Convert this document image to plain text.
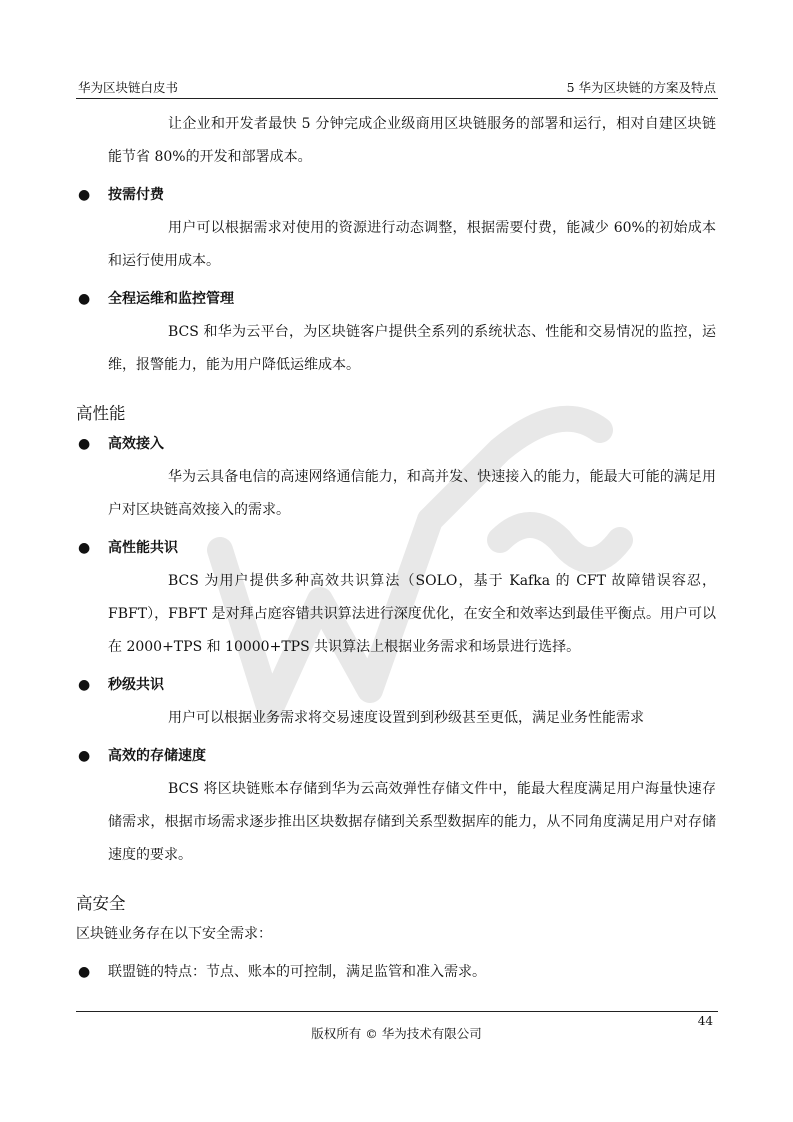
华为区块链白皮书	5 华为区块链的方案及特点

让企业和开发者最快 5 分钟完成企业级商用区块链服务的部署和运行，相对自建区块链能节省 80%的开发和部署成本。

● 按需付费

用户可以根据需求对使用的资源进行动态调整，根据需要付费，能减少 60%的初始成本和运行使用成本。

● 全程运维和监控管理

BCS 和华为云平台，为区块链客户提供全系列的系统状态、性能和交易情况的监控，运维，报警能力，能为用户降低运维成本。

高性能
● 高效接入

华为云具备电信的高速网络通信能力，和高并发、快速接入的能力，能最大可能的满足用户对区块链高效接入的需求。

● 高性能共识

BCS 为用户提供多种高效共识算法（SOLO，基于 Kafka 的 CFT 故障错误容忍，FBFT），FBFT 是对拜占庭容错共识算法进行深度优化，在安全和效率达到最佳平衡点。用户可以在 2000+TPS 和 10000+TPS 共识算法上根据业务需求和场景进行选择。

● 秒级共识

用户可以根据业务需求将交易速度设置到到秒级甚至更低，满足业务性能需求

● 高效的存储速度

BCS 将区块链账本存储到华为云高效弹性存储文件中，能最大程度满足用户海量快速存储需求，根据市场需求逐步推出区块数据存储到关系型数据库的能力，从不同角度满足用户对存储速度的要求。

高安全

区块链业务存在以下安全需求：

● 联盟链的特点：节点、账本的可控制，满足监管和准入需求。
44
版权所有 © 华为技术有限公司
